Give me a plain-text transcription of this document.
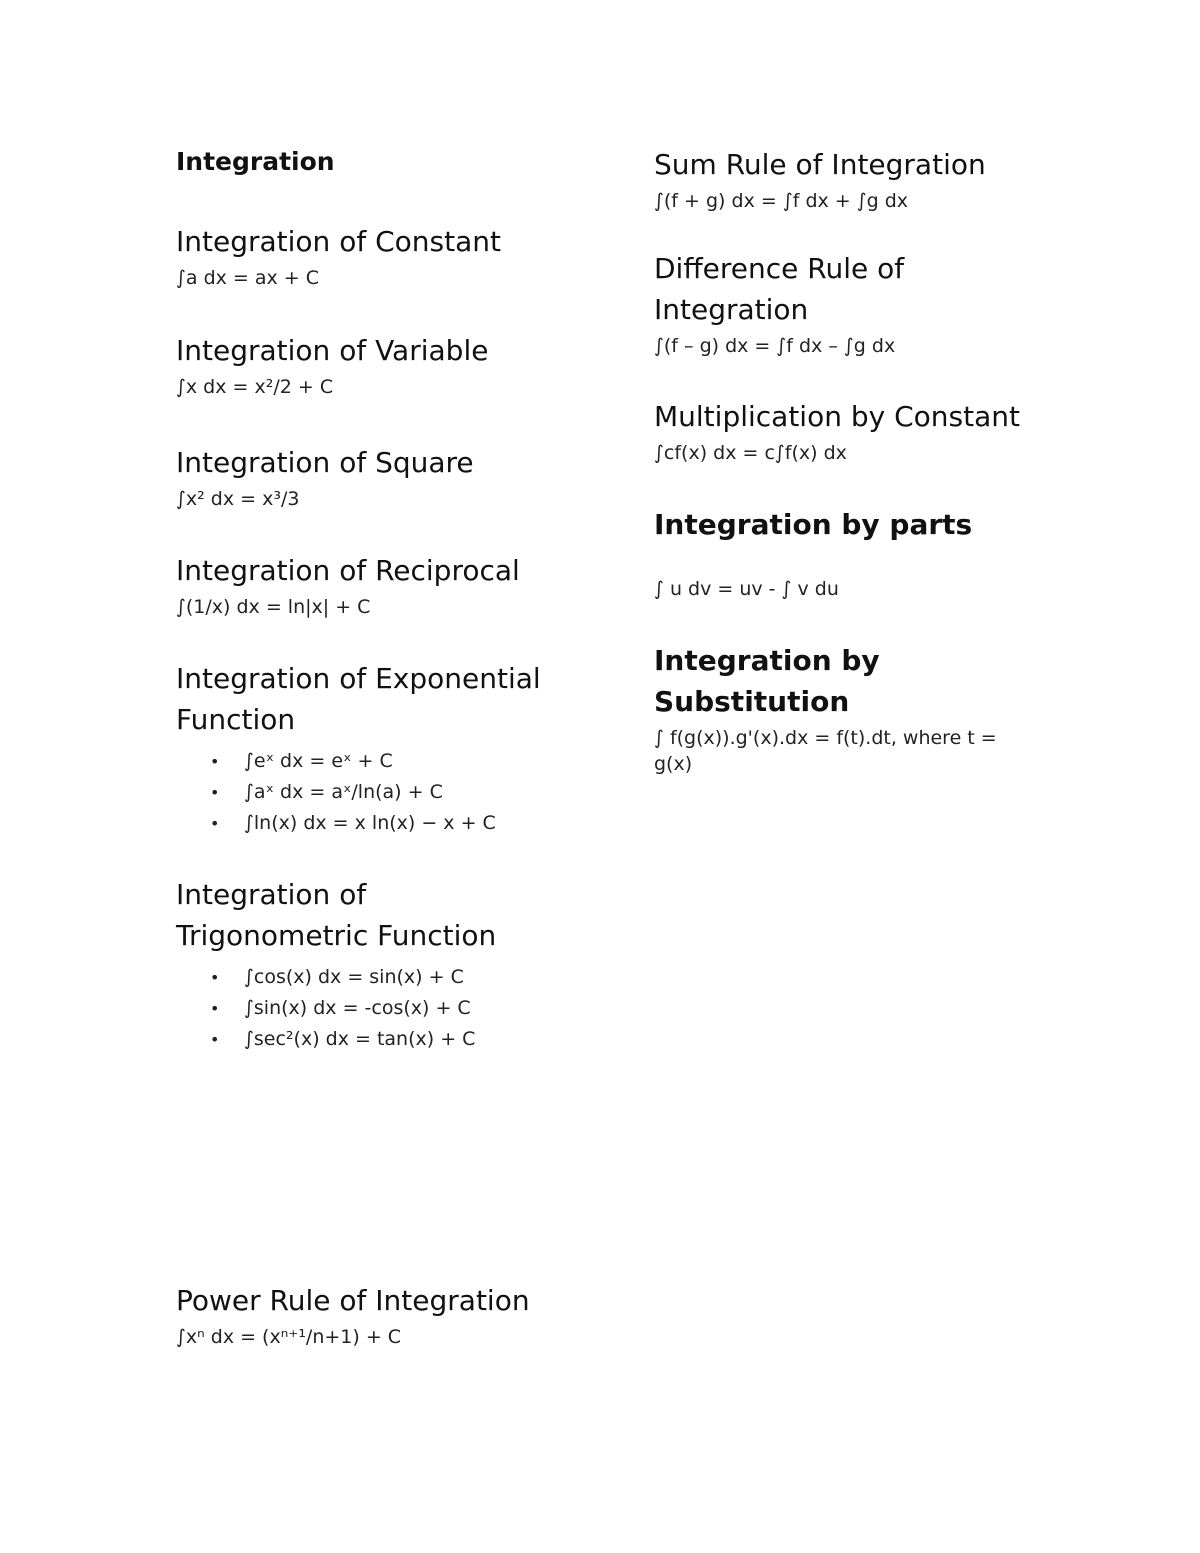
Integration
Integration of Constant
∫a dx = ax + C
Integration of Variable
∫x dx = x²/2 + C
Integration of Square
∫x² dx = x³/3
Integration of Reciprocal
∫(1/x) dx = ln|x| + C
Integration of Exponential
Function
• ∫eˣ dx = eˣ + C
• ∫aˣ dx = aˣ/ln(a) + C
• ∫ln(x) dx = x ln(x) − x + C
Integration of
Trigonometric Function
• ∫cos(x) dx = sin(x) + C
• ∫sin(x) dx = -cos(x) + C
• ∫sec²(x) dx = tan(x) + C
Sum Rule of Integration
∫(f + g) dx = ∫f dx + ∫g dx
Difference Rule of
Integration
∫(f – g) dx = ∫f dx – ∫g dx
Multiplication by Constant
∫cf(x) dx = c∫f(x) dx
Integration by parts
∫ u dv = uv - ∫ v du
Integration by
Substitution
∫ f(g(x)).g'(x).dx = f(t).dt, where t =
g(x)
Power Rule of Integration
∫xⁿ dx = (xⁿ⁺¹/n+1) + C
